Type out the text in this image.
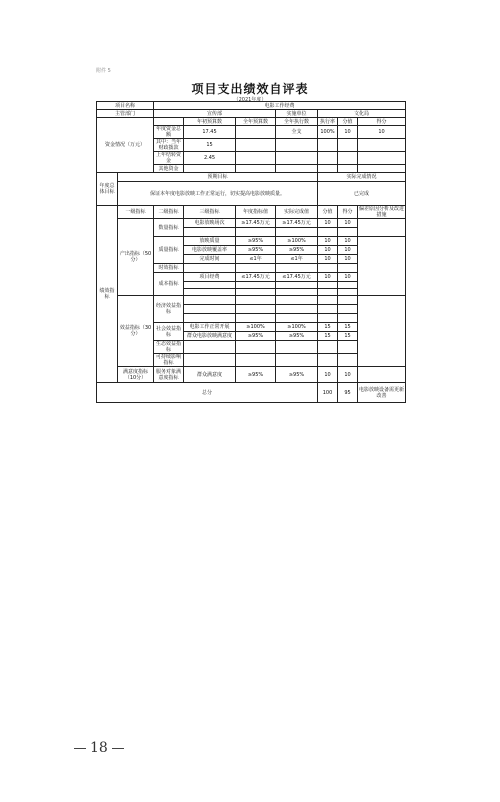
附件 5
项目支出绩效自评表
（2021年度）
项目名称		电影工作经费						
主管部门		宣传部			实施单位	文化局		
资金情况（万元）			年初预算数	全年预算数	全年执行数	执行率	分值	得分
		年度资金总额	17.45		全支	100%	10	10
		其中：当年财政拨款	15					
		上年结转资金	2.45					
		其他资金						
年度总体目标	预期目标					实际完成情况		
	保证本年度电影放映工作正常运行，切实提高电影放映质量。					已完成		
绩效指标	一级指标	二级指标	三级指标	年度指标值	实际完成值	分值	得分	偏差原因分析及改进措施
	产出指标（50分）	数量指标	电影放映场次	≥17.45万元	≥17.45万元	10	10	

		质量指标	放映质量	≥95%	≥100%	10	10	
			电影放映覆盖率	≥95%	≥95%	10	10	
			完成时间	≤1年	≤1年	10	10	
		时效指标						
		成本指标	项目经费	≤17.45万元	≤17.45万元	10	10	

	效益指标（30分）	经济效益指标						

		社会效益指标	电影工作正常开展	≥100%	≥100%	15	15	
			群众电影放映满意度	≥95%	≥95%	15	15	
		生态效益指标						
		可持续影响指标						
	满意度指标（10分）	服务对象满意度指标	群众满意度	≥95%	≥95%	10	10	
总分						100	95	电影放映设备需更新改善
18
